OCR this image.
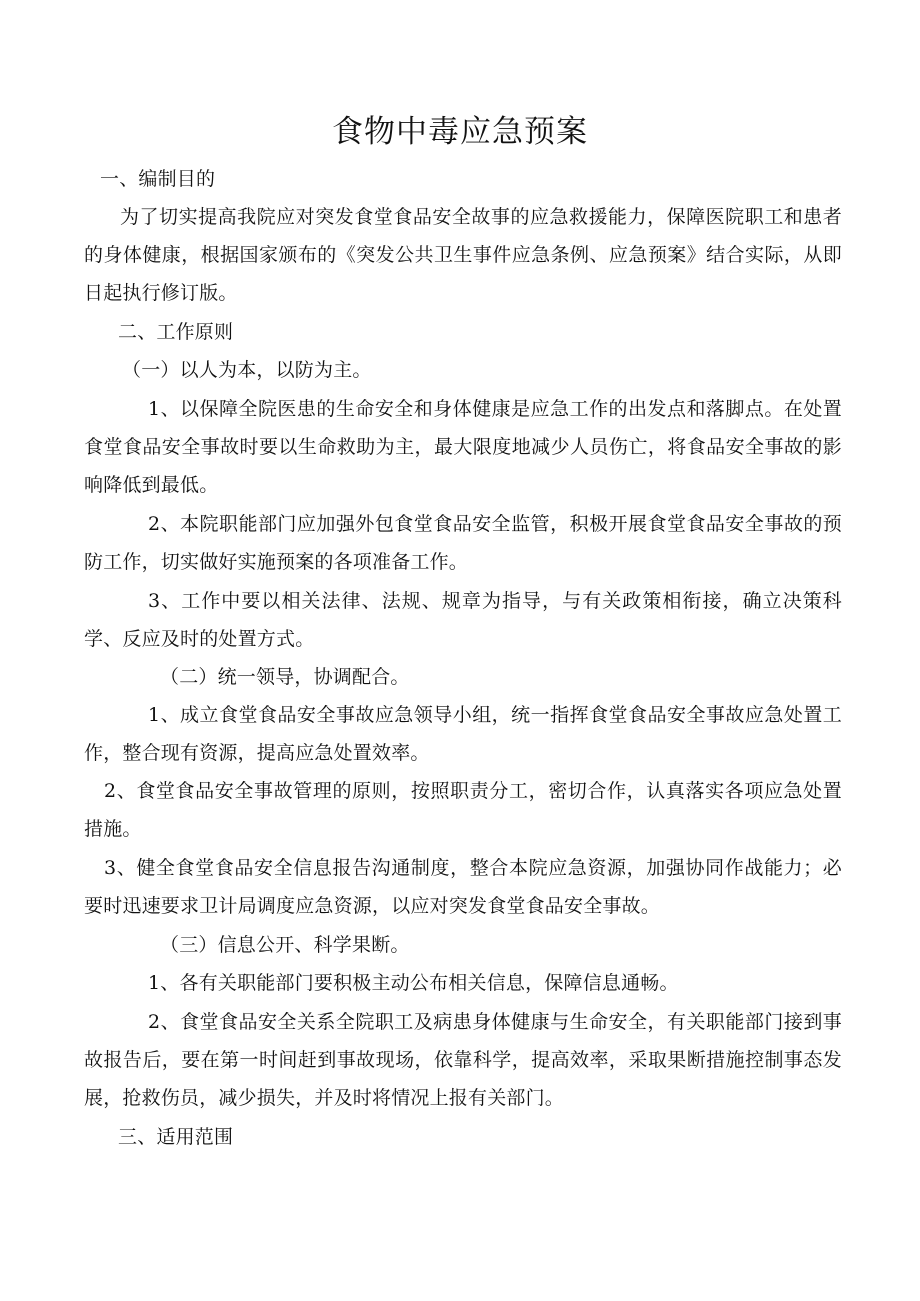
食物中毒应急预案
一、编制目的
为了切实提高我院应对突发食堂食品安全故事的应急救援能力，保障医院职工和患者的身体健康，根据国家颁布的《突发公共卫生事件应急条例、应急预案》结合实际，从即日起执行修订版。
二、工作原则
（一）以人为本，以防为主。
1、以保障全院医患的生命安全和身体健康是应急工作的出发点和落脚点。在处置食堂食品安全事故时要以生命救助为主，最大限度地减少人员伤亡，将食品安全事故的影响降低到最低。
2、本院职能部门应加强外包食堂食品安全监管，积极开展食堂食品安全事故的预防工作，切实做好实施预案的各项准备工作。
3、工作中要以相关法律、法规、规章为指导，与有关政策相衔接，确立决策科学、反应及时的处置方式。
（二）统一领导，协调配合。
1、成立食堂食品安全事故应急领导小组，统一指挥食堂食品安全事故应急处置工作，整合现有资源，提高应急处置效率。
2、食堂食品安全事故管理的原则，按照职责分工，密切合作，认真落实各项应急处置措施。
3、健全食堂食品安全信息报告沟通制度，整合本院应急资源，加强协同作战能力；必要时迅速要求卫计局调度应急资源，以应对突发食堂食品安全事故。
（三）信息公开、科学果断。
1、各有关职能部门要积极主动公布相关信息，保障信息通畅。
2、食堂食品安全关系全院职工及病患身体健康与生命安全，有关职能部门接到事故报告后，要在第一时间赶到事故现场，依靠科学，提高效率，采取果断措施控制事态发展，抢救伤员，减少损失，并及时将情况上报有关部门。
三、适用范围
